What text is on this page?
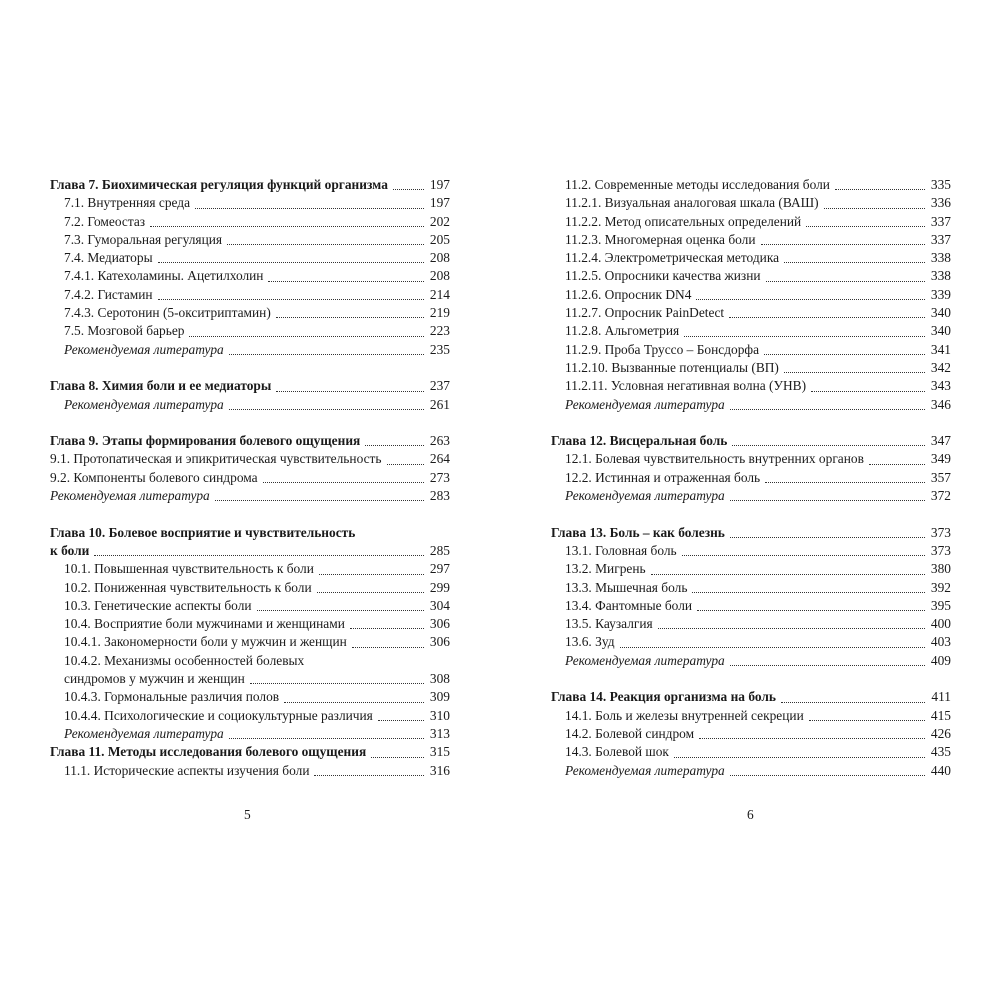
Глава 7. Биохимическая регуляция функций организма	197
7.1. Внутренняя среда	197
7.2. Гомеостаз	202
7.3. Гуморальная регуляция	205
7.4. Медиаторы	208
7.4.1. Катехоламины. Ацетилхолин	208
7.4.2. Гистамин	214
7.4.3. Серотонин (5-окситриптамин)	219
7.5. Мозговой барьер	223
Рекомендуемая литература	235
Глава 8. Химия боли и ее медиаторы	237
Рекомендуемая литература	261
Глава 9. Этапы формирования болевого ощущения	263
9.1. Протопатическая и эпикритическая чувствительность	264
9.2. Компоненты болевого синдрома	273
Рекомендуемая литература	283
Глава 10. Болевое восприятие и чувствительность
к боли	285
10.1. Повышенная чувствительность к боли	297
10.2. Пониженная чувствительность к боли	299
10.3. Генетические аспекты боли	304
10.4. Восприятие боли мужчинами и женщинами	306
10.4.1. Закономерности боли у мужчин и женщин	306
10.4.2. Механизмы особенностей болевых
синдромов у мужчин и женщин	308
10.4.3. Гормональные различия полов	309
10.4.4. Психологические и социокультурные различия	310
Рекомендуемая литература	313
Глава 11. Методы исследования болевого ощущения	315
11.1. Исторические аспекты изучения боли	316
11.2. Современные методы исследования боли	335
11.2.1. Визуальная аналоговая шкала (ВАШ)	336
11.2.2. Метод описательных определений	337
11.2.3. Многомерная оценка боли	337
11.2.4. Электрометрическая методика	338
11.2.5. Опросники качества жизни	338
11.2.6. Опросник DN4	339
11.2.7. Опросник PainDetect	340
11.2.8. Альгометрия	340
11.2.9. Проба Труссо – Бонсдорфа	341
11.2.10. Вызванные потенциалы (ВП)	342
11.2.11. Условная негативная волна (УНВ)	343
Рекомендуемая литература	346
Глава 12. Висцеральная боль	347
12.1. Болевая чувствительность внутренних органов	349
12.2. Истинная и отраженная боль	357
Рекомендуемая литература	372
Глава 13. Боль – как болезнь	373
13.1. Головная боль	373
13.2. Мигрень	380
13.3. Мышечная боль	392
13.4. Фантомные боли	395
13.5. Каузалгия	400
13.6. Зуд	403
Рекомендуемая литература	409
Глава 14. Реакция организма на боль	411
14.1. Боль и железы внутренней секреции	415
14.2. Болевой синдром	426
14.3. Болевой шок	435
Рекомендуемая литература	440
5	6
